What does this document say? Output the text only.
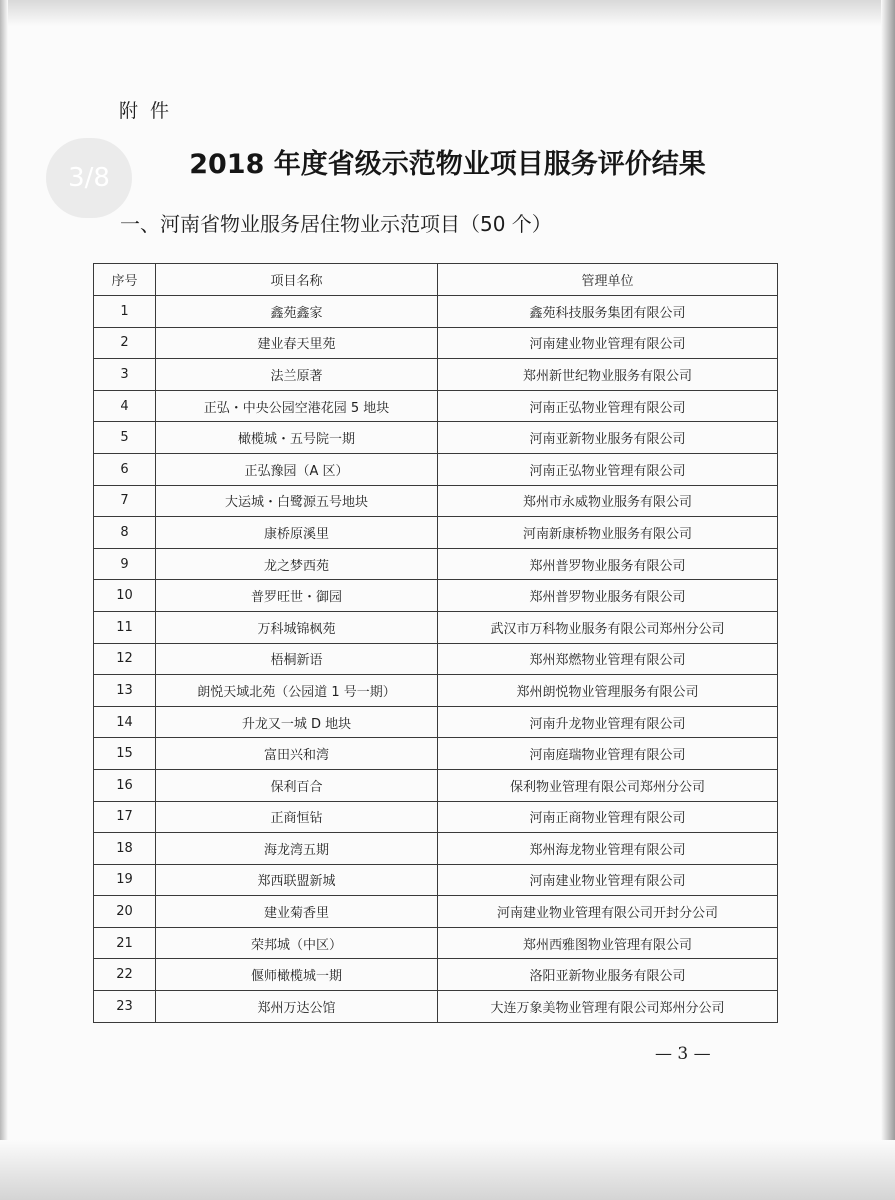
附件
2018 年度省级示范物业项目服务评价结果
3/8
一、河南省物业服务居住物业示范项目（50 个）
序号	项目名称	管理单位
1	鑫苑鑫家	鑫苑科技服务集团有限公司
2	建业春天里苑	河南建业物业管理有限公司
3	法兰原著	郑州新世纪物业服务有限公司
4	正弘・中央公园空港花园 5 地块	河南正弘物业管理有限公司
5	橄榄城・五号院一期	河南亚新物业服务有限公司
6	正弘豫园（A 区）	河南正弘物业管理有限公司
7	大运城・白鹭源五号地块	郑州市永威物业服务有限公司
8	康桥原溪里	河南新康桥物业服务有限公司
9	龙之梦西苑	郑州普罗物业服务有限公司
10	普罗旺世・御园	郑州普罗物业服务有限公司
11	万科城锦枫苑	武汉市万科物业服务有限公司郑州分公司
12	梧桐新语	郑州郑燃物业管理有限公司
13	朗悦天域北苑（公园道 1 号一期）	郑州朗悦物业管理服务有限公司
14	升龙又一城 D 地块	河南升龙物业管理有限公司
15	富田兴和湾	河南庭瑞物业管理有限公司
16	保利百合	保利物业管理有限公司郑州分公司
17	正商恒钻	河南正商物业管理有限公司
18	海龙湾五期	郑州海龙物业管理有限公司
19	郑西联盟新城	河南建业物业管理有限公司
20	建业菊香里	河南建业物业管理有限公司开封分公司
21	荣邦城（中区）	郑州西雅图物业管理有限公司
22	偃师橄榄城一期	洛阳亚新物业服务有限公司
23	郑州万达公馆	大连万象美物业管理有限公司郑州分公司
— 3 —
